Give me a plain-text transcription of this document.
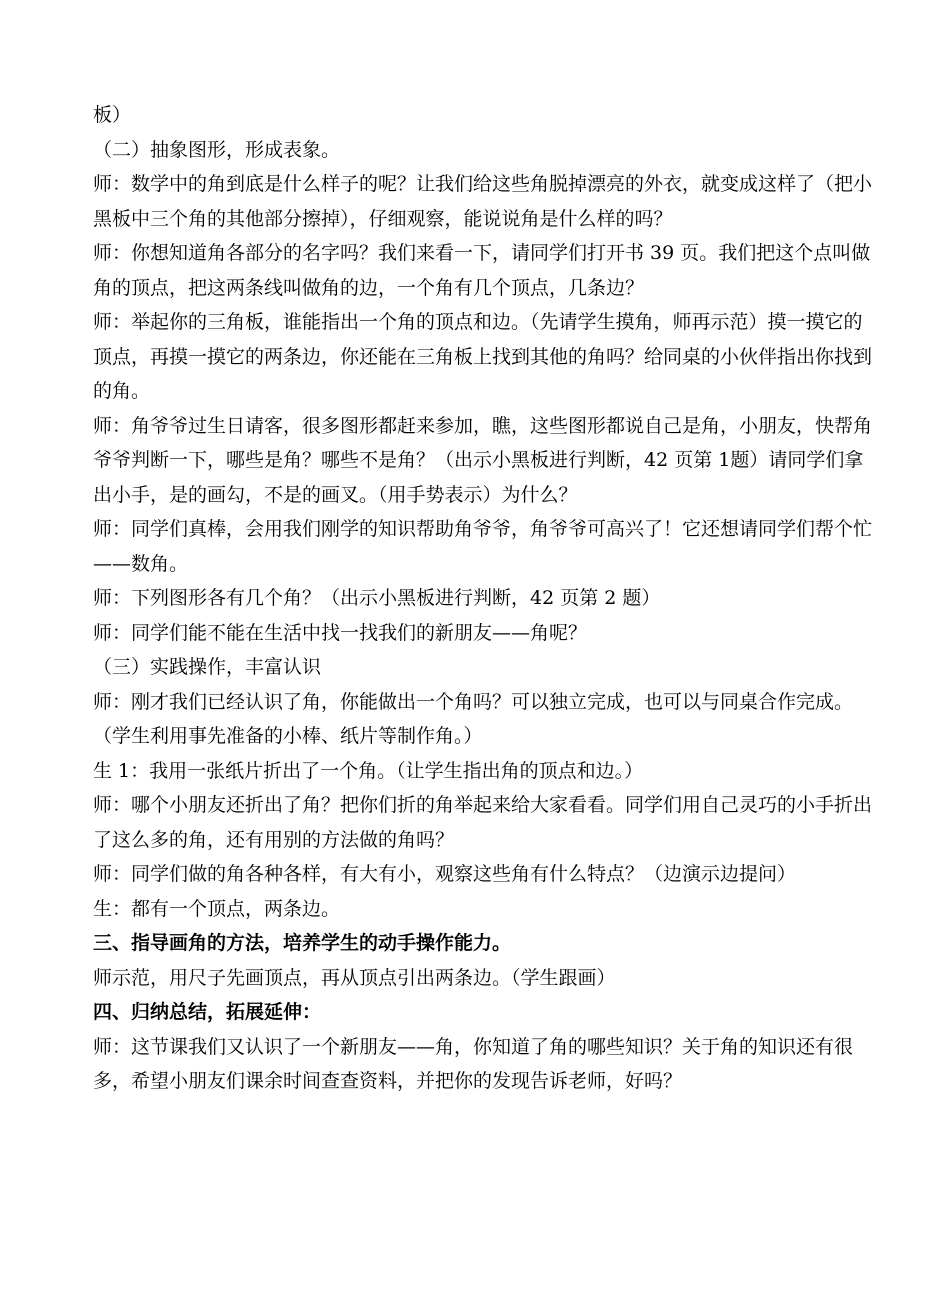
板）

（二）抽象图形，形成表象。

师：数学中的角到底是什么样子的呢？让我们给这些角脱掉漂亮的外衣，就变成这样了（把小黑板中三个角的其他部分擦掉），仔细观察，能说说角是什么样的吗？

师：你想知道角各部分的名字吗？我们来看一下，请同学们打开书 39 页。我们把这个点叫做角的顶点，把这两条线叫做角的边，一个角有几个顶点，几条边？

师：举起你的三角板，谁能指出一个角的顶点和边。（先请学生摸角，师再示范）摸一摸它的顶点，再摸一摸它的两条边，你还能在三角板上找到其他的角吗？给同桌的小伙伴指出你找到的角。

师：角爷爷过生日请客，很多图形都赶来参加，瞧，这些图形都说自己是角，小朋友，快帮角爷爷判断一下，哪些是角？哪些不是角？（出示小黑板进行判断，42 页第 1题）请同学们拿出小手，是的画勾，不是的画叉。（用手势表示）为什么？

师：同学们真棒，会用我们刚学的知识帮助角爷爷，角爷爷可高兴了！它还想请同学们帮个忙——数角。

师：下列图形各有几个角？（出示小黑板进行判断，42 页第 2 题）

师：同学们能不能在生活中找一找我们的新朋友——角呢？

（三）实践操作，丰富认识

师：刚才我们已经认识了角，你能做出一个角吗？可以独立完成，也可以与同桌合作完成。

（学生利用事先准备的小棒、纸片等制作角。）

生 1：我用一张纸片折出了一个角。（让学生指出角的顶点和边。）

师：哪个小朋友还折出了角？把你们折的角举起来给大家看看。同学们用自己灵巧的小手折出了这么多的角，还有用别的方法做的角吗？

师：同学们做的角各种各样，有大有小，观察这些角有什么特点？（边演示边提问）

生：都有一个顶点，两条边。

三、指导画角的方法，培养学生的动手操作能力。

师示范，用尺子先画顶点，再从顶点引出两条边。（学生跟画）

四、归纳总结，拓展延伸：

师：这节课我们又认识了一个新朋友——角，你知道了角的哪些知识？关于角的知识还有很多，希望小朋友们课余时间查查资料，并把你的发现告诉老师，好吗？
